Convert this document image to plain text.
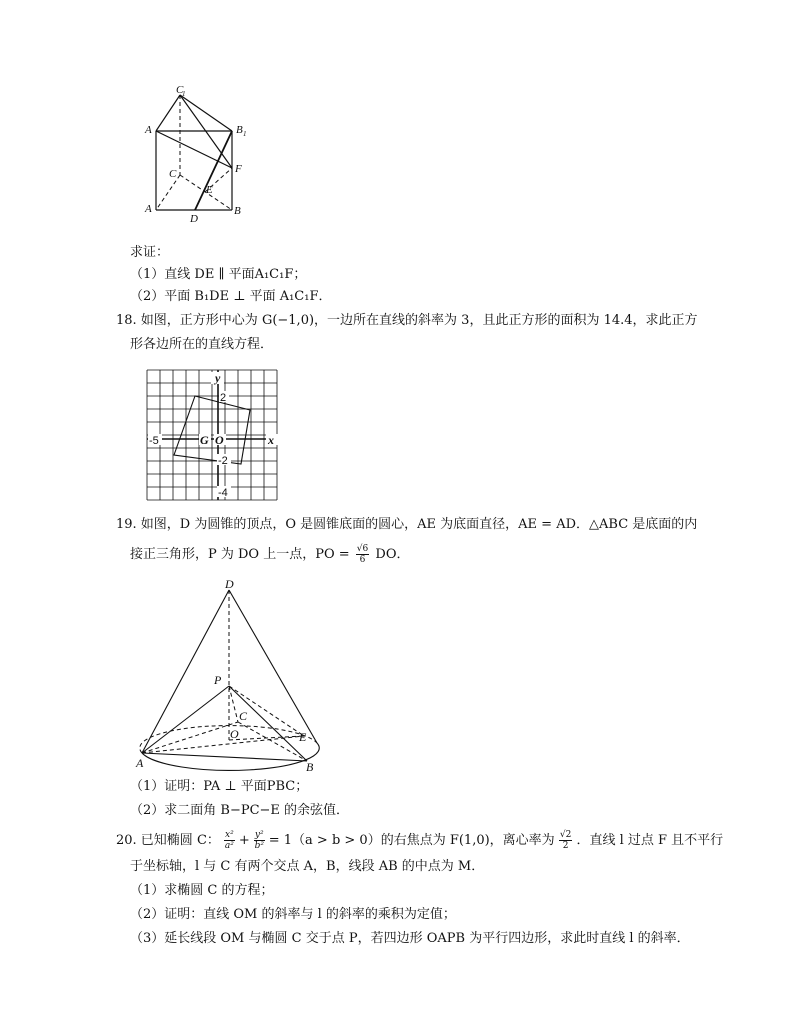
C
1
A	B 1
F
C
E
A
D
B
求证：
（1）直线 DE ∥ 平面A₁C₁F；
（2）平面 B₁DE ⊥ 平面 A₁C₁F．
18. 如图，正方形中心为 G(−1,0)，一边所在直线的斜率为 3，且此正方形的面积为 14.4，求此正方
形各边所在的直线方程．
y
x
2
-5	G O
-2
-4
19. 如图，D 为圆锥的顶点，O 是圆锥底面的圆心，AE 为底面直径，AE = AD．△ABC 是底面的内
接正三角形，P 为 DO 上一点，PO = $\frac{√6}{6}$ DO．
D
P
C
O	E
A	B
（1）证明：PA ⊥ 平面PBC；
（2）求二面角 B−PC−E 的余弦值．
20. 已知椭圆 C： $\frac{\text{x²}}{\text{a²}} + \frac{\text{y²}}{\text{b²}} = 1(a > b > 0)$的右焦点为 F(1,0)，离心率为 $\frac{√2}{2}$ ．直线 l 过点 F 且不平行
于坐标轴，l 与 C 有两个交点 A，B，线段 AB 的中点为 M．
（1）求椭圆 C 的方程；
（2）证明：直线 OM 的斜率与 l 的斜率的乘积为定值；
（3）延长线段 OM 与椭圆 C 交于点 P，若四边形 OAPB 为平行四边形，求此时直线 l 的斜率．
